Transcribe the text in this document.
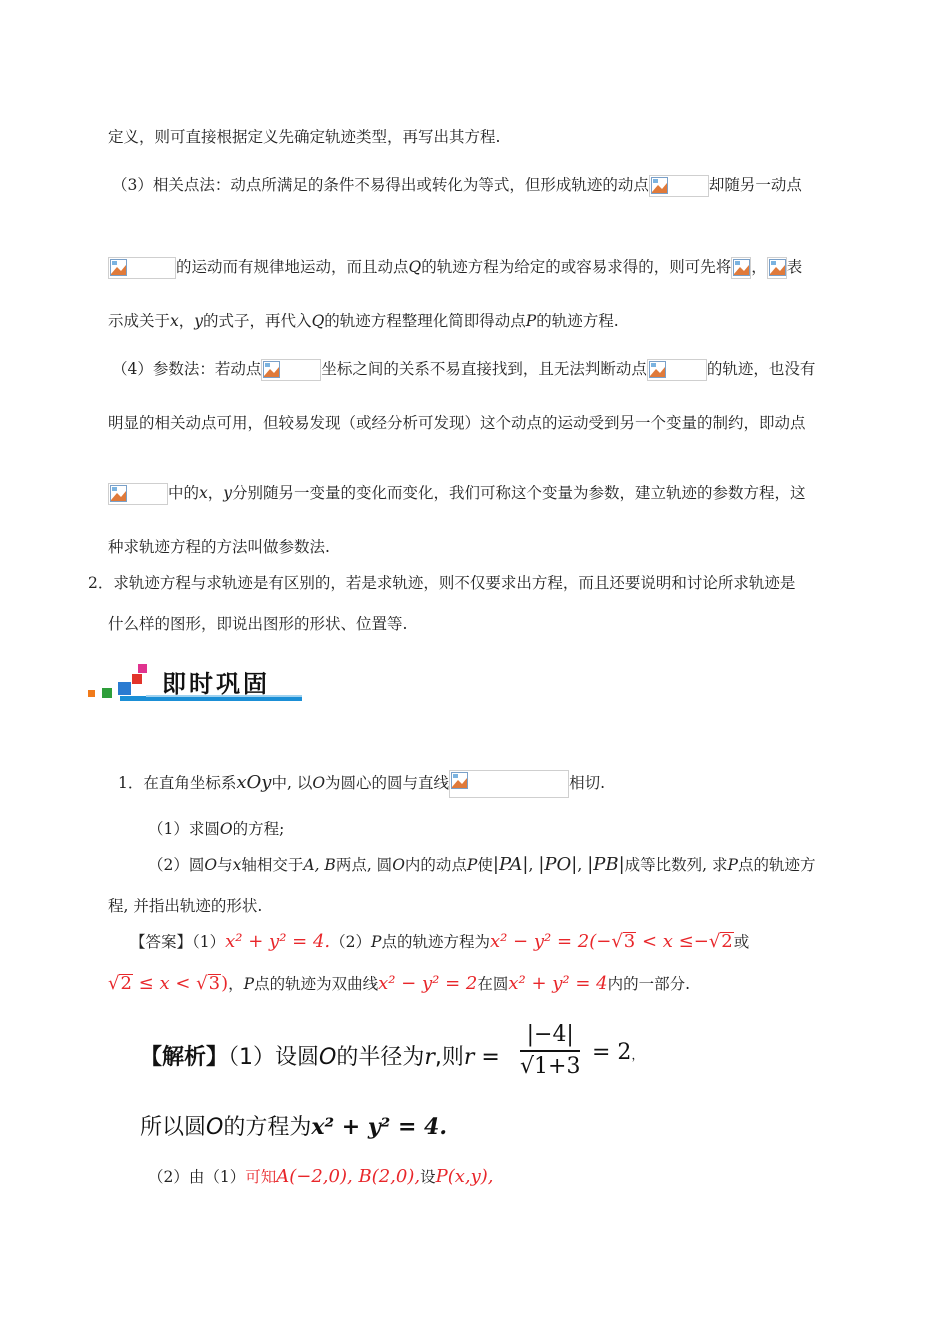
定义，则可直接根据定义先确定轨迹类型，再写出其方程.
（3）相关点法：动点所满足的条件不易得出或转化为等式，但形成轨迹的动点	却随另一动点
的运动而有规律地运动，而且动点Q的轨迹方程为给定的或容易求得的，则可先将 ， 表
示成关于x，y的式子，再代入Q的轨迹方程整理化简即得动点P的轨迹方程.
（4）参数法：若动点	坐标之间的关系不易直接找到，且无法判断动点	的轨迹，也没有
明显的相关动点可用，但较易发现（或经分析可发现）这个动点的运动受到另一个变量的制约，即动点
中的x，y分别随另一变量的变化而变化，我们可称这个变量为参数，建立轨迹的参数方程，这
种求轨迹方程的方法叫做参数法.
2．求轨迹方程与求轨迹是有区别的，若是求轨迹，则不仅要求出方程，而且还要说明和讨论所求轨迹是
什么样的图形，即说出图形的形状、位置等.
即时巩固
1．在直角坐标系xOy中, 以O为圆心的圆与直线	相切.
（1）求圆O的方程;
（2）圆O与x轴相交于A, B两点, 圆O内的动点P使|PA|, |PO|, |PB|成等比数列, 求P点的轨迹方
程, 并指出轨迹的形状.
【答案】（1）x² + y² = 4.（2）P点的轨迹方程为x² − y² = 2(−√3 < x ≤−√2或
√2 ≤ x < √3)，P点的轨迹为双曲线x² − y² = 2在圆x² + y² = 4内的一部分.
【解析】（1）设圆O的半径为r,则$r = \frac{|-4|}{√1+3} = 2$，
所以圆O的方程为x² + y² = 4.
（2）由（1）可知A(−2,0), B(2,0),设P(x,y),
